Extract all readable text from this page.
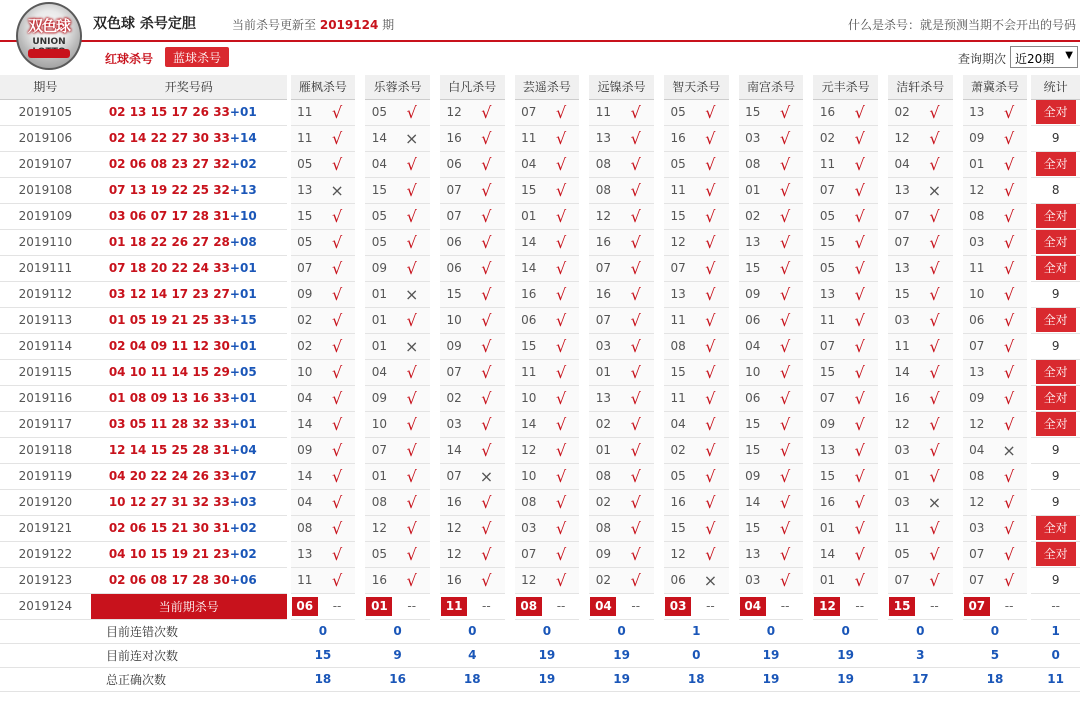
双色球
UNION
双色球 杀号定胆	当前杀号更新至 2019124 期	什么是杀号：就是预测当期不会开出的号码
红球杀号	蓝球杀号	查询期次 近20期 ▼
期号	开奖号码		雁枫杀号			乐蓉杀号			白凡杀号			芸遥杀号			远镍杀号			智天杀号			南宫杀号			元丰杀号			洁轩杀号			萧冀杀号			统计
2019105	02 13 15 17 26 33+01		11	√		05	√		12	√		07	√		11	√		05	√		15	√		16	√		02	√		13	√		全对
2019106	02 14 22 27 30 33+14		11	√		14	×		16	√		11	√		13	√		16	√		03	√		02	√		12	√		09	√		9
2019107	02 06 08 23 27 32+02		05	√		04	√		06	√		04	√		08	√		05	√		08	√		11	√		04	√		01	√		全对
2019108	07 13 19 22 25 32+13		13	×		15	√		07	√		15	√		08	√		11	√		01	√		07	√		13	×		12	√		8
2019109	03 06 07 17 28 31+10		15	√		05	√		07	√		01	√		12	√		15	√		02	√		05	√		07	√		08	√		全对
2019110	01 18 22 26 27 28+08		05	√		05	√		06	√		14	√		16	√		12	√		13	√		15	√		07	√		03	√		全对
2019111	07 18 20 22 24 33+01		07	√		09	√		06	√		14	√		07	√		07	√		15	√		05	√		13	√		11	√		全对
2019112	03 12 14 17 23 27+01		09	√		01	×		15	√		16	√		16	√		13	√		09	√		13	√		15	√		10	√		9
2019113	01 05 19 21 25 33+15		02	√		01	√		10	√		06	√		07	√		11	√		06	√		11	√		03	√		06	√		全对
2019114	02 04 09 11 12 30+01		02	√		01	×		09	√		15	√		03	√		08	√		04	√		07	√		11	√		07	√		9
2019115	04 10 11 14 15 29+05		10	√		04	√		07	√		11	√		01	√		15	√		10	√		15	√		14	√		13	√		全对
2019116	01 08 09 13 16 33+01		04	√		09	√		02	√		10	√		13	√		11	√		06	√		07	√		16	√		09	√		全对
2019117	03 05 11 28 32 33+01		14	√		10	√		03	√		14	√		02	√		04	√		15	√		09	√		12	√		12	√		全对
2019118	12 14 15 25 28 31+04		09	√		07	√		14	√		12	√		01	√		02	√		15	√		13	√		03	√		04	×		9
2019119	04 20 22 24 26 33+07		14	√		01	√		07	×		10	√		08	√		05	√		09	√		15	√		01	√		08	√		9
2019120	10 12 27 31 32 33+03		04	√		08	√		16	√		08	√		02	√		16	√		14	√		16	√		03	×		12	√		9
2019121	02 06 15 21 30 31+02		08	√		12	√		12	√		03	√		08	√		15	√		15	√		01	√		11	√		03	√		全对
2019122	04 10 15 19 21 23+02		13	√		05	√		12	√		07	√		09	√		12	√		13	√		14	√		05	√		07	√		全对
2019123	02 06 08 17 28 30+06		11	√		16	√		16	√		12	√		02	√		06	×		03	√		01	√		07	√		07	√		9
2019124	当前期杀号		06	--		01	--		11	--		08	--		04	--		03	--		04	--		12	--		15	--		07	--		--
目前连错次数			0			0			0			0			0			1			0			0			0			0			1
目前连对次数			15			9			4			19			19			0			19			19			3			5			0
总正确次数			18			16			18			19			19			18			19			19			17			18			11
